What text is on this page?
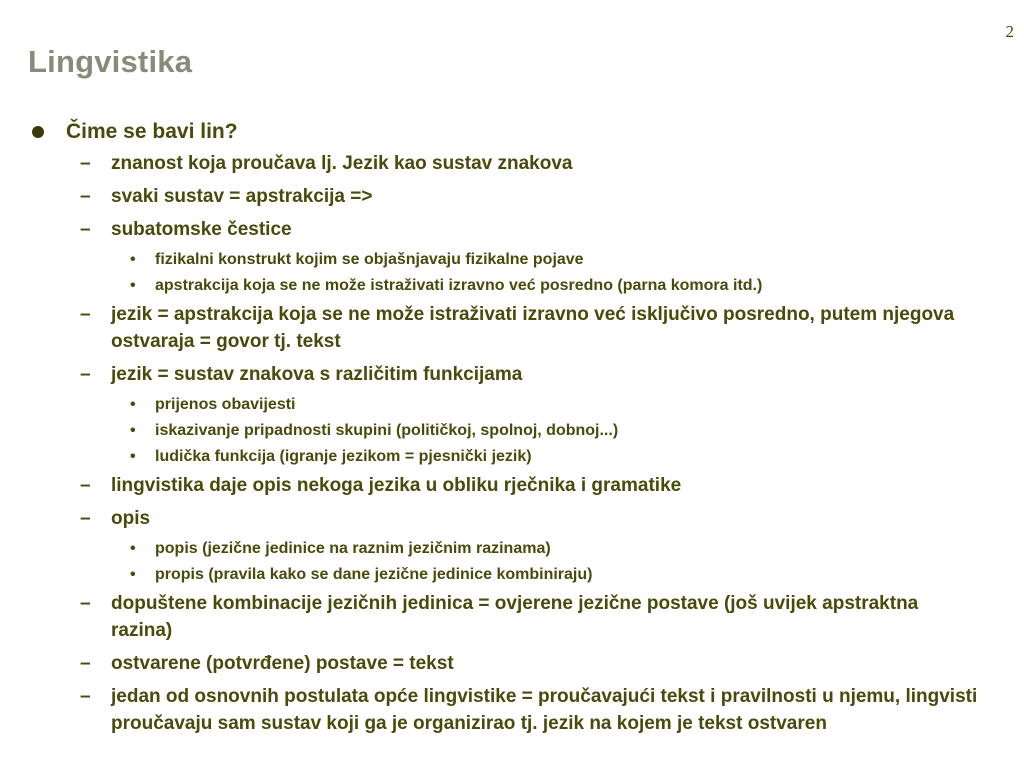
2
Lingvistika
Čime se bavi lin?
– znanost koja proučava lj. Jezik kao sustav znakova
– svaki sustav = apstrakcija =>
– subatomske čestice
• fizikalni konstrukt kojim se objašnjavaju fizikalne pojave
• apstrakcija koja se ne može istraživati izravno već posredno (parna komora itd.)
– jezik = apstrakcija koja se ne može istraživati izravno već isključivo posredno, putem njegova ostvaraja = govor tj. tekst
– jezik = sustav znakova s različitim funkcijama
• prijenos obavijesti
• iskazivanje pripadnosti skupini (političkoj, spolnoj, dobnoj...)
• ludička funkcija (igranje jezikom = pjesnički jezik)
– lingvistika daje opis nekoga jezika u obliku rječnika i gramatike
– opis
• popis (jezične jedinice na raznim jezičnim razinama)
• propis (pravila kako se dane jezične jedinice kombiniraju)
– dopuštene kombinacije jezičnih jedinica = ovjerene jezične postave (još uvijek apstraktna razina)
– ostvarene (potvrđene) postave = tekst
– jedan od osnovnih postulata opće lingvistike = proučavajući tekst i pravilnosti u njemu, lingvisti proučavaju sam sustav koji ga je organizirao tj. jezik na kojem je tekst ostvaren
